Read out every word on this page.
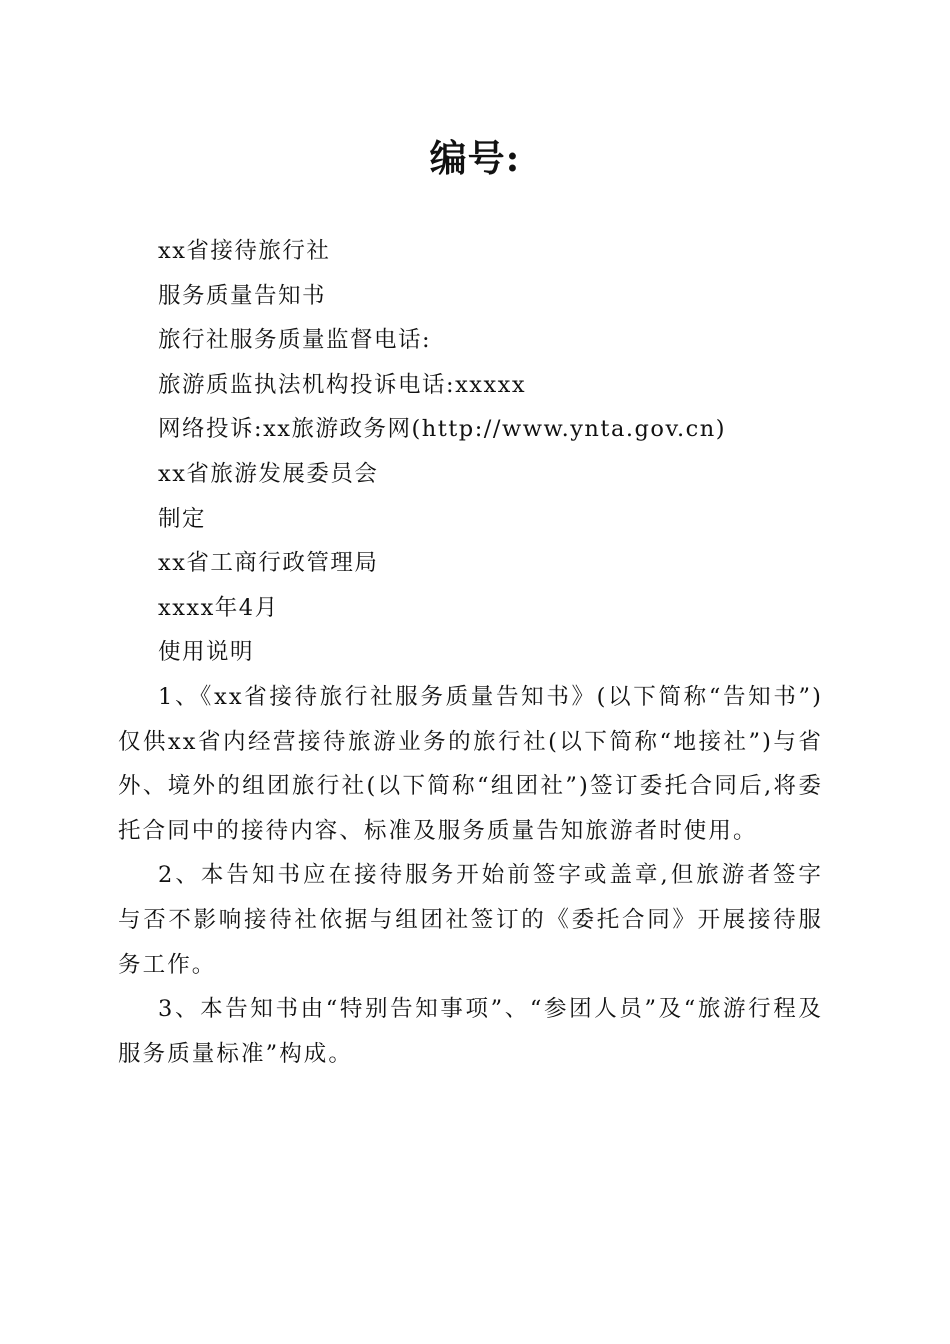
编号:
xx省接待旅行社
服务质量告知书
旅行社服务质量监督电话:
旅游质监执法机构投诉电话:xxxxx
网络投诉:xx旅游政务网(http://www.ynta.gov.cn)
xx省旅游发展委员会
制定
xx省工商行政管理局
xxxx年4月
使用说明

1、《xx省接待旅行社服务质量告知书》(以下简称“告知书”)仅供xx省内经营接待旅游业务的旅行社(以下简称“地接社”)与省外、境外的组团旅行社(以下简称“组团社”)签订委托合同后,将委托合同中的接待内容、标准及服务质量告知旅游者时使用。

2、本告知书应在接待服务开始前签字或盖章,但旅游者签字与否不影响接待社依据与组团社签订的《委托合同》开展接待服务工作。

3、本告知书由“特别告知事项”、“参团人员”及“旅游行程及服务质量标准”构成。
